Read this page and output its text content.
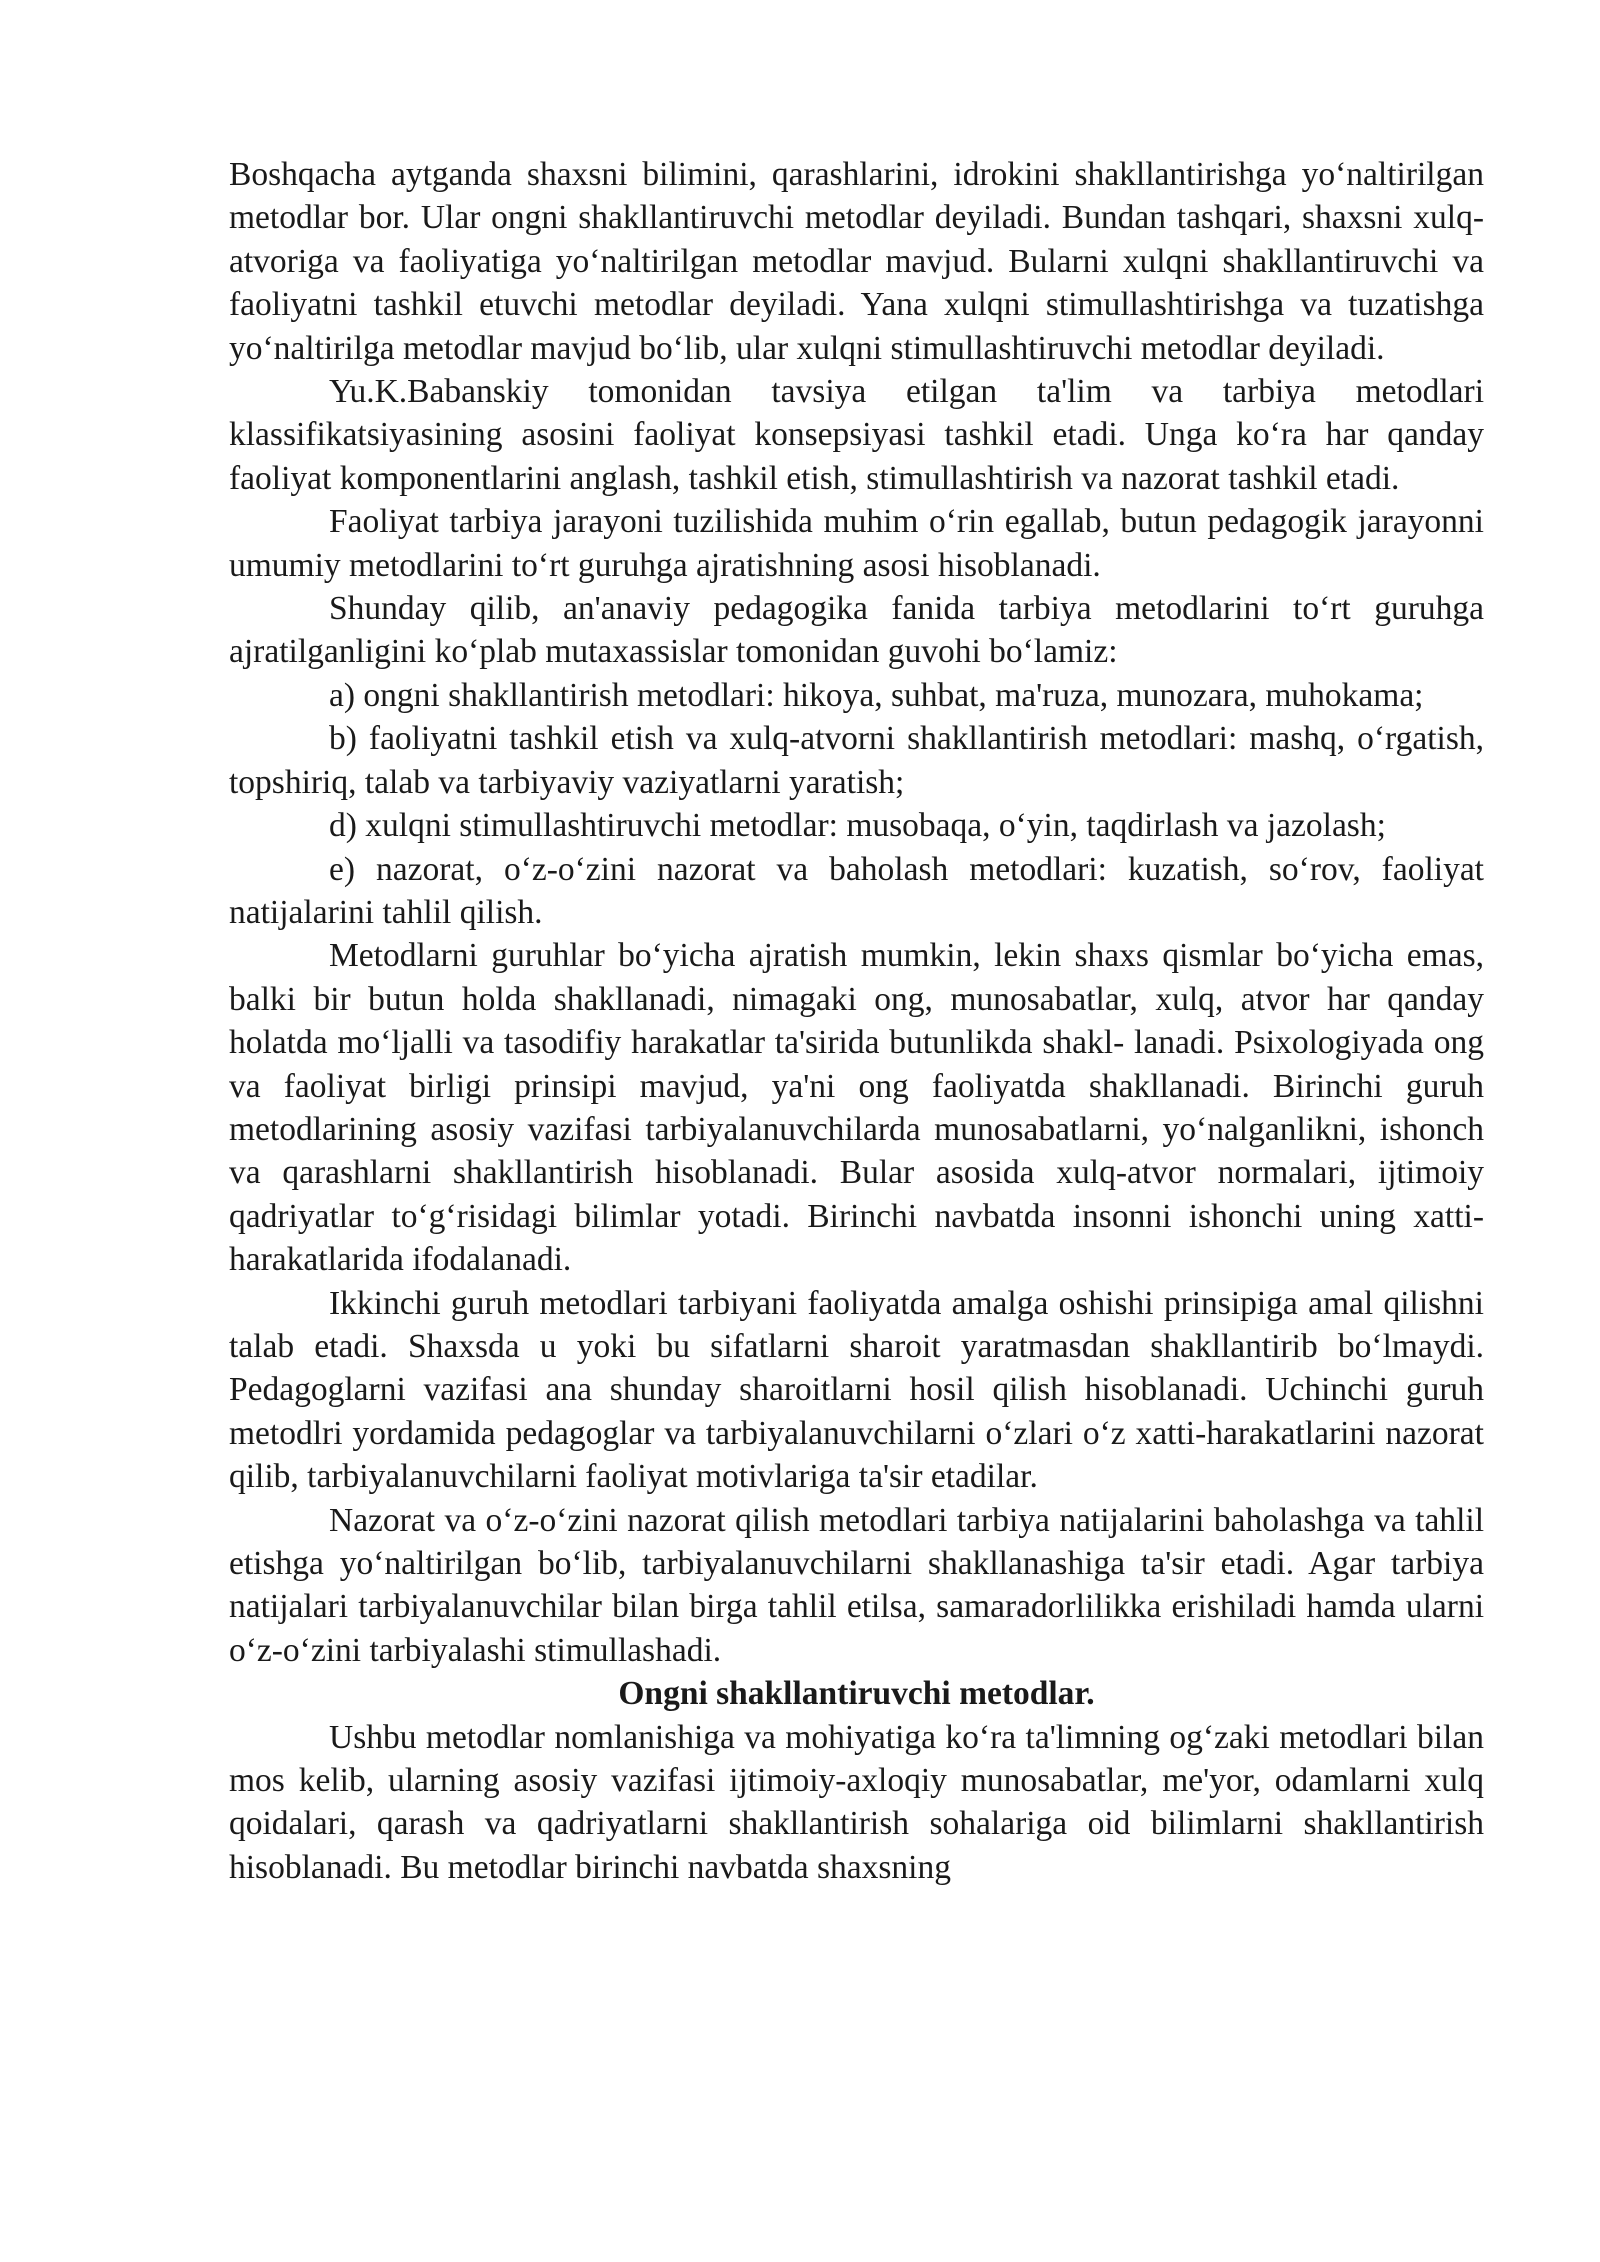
Boshqacha aytganda shaxsni bilimini, qarashlarini, idrokini shakllantirishga yo‘naltirilgan metodlar bor. Ular ongni shakllantiruvchi metodlar deyiladi. Bundan tashqari, shaxsni xulq-atvoriga va faoliyatiga yo‘naltirilgan metodlar mavjud. Bularni xulqni shakllantiruvchi va faoliyatni tashkil etuvchi metodlar deyiladi. Yana xulqni stimullashtirishga va tuzatishga yo‘naltirilga metodlar mavjud bo‘lib, ular xulqni stimullashtiruvchi metodlar deyiladi.

Yu.K.Babanskiy tomonidan tavsiya etilgan ta'lim va tarbiya metodlari klassifikatsiyasining asosini faoliyat konsepsiyasi tashkil etadi. Unga ko‘ra har qanday faoliyat komponentlarini anglash, tashkil etish, stimullashtirish va nazorat tashkil etadi.

Faoliyat tarbiya jarayoni tuzilishida muhim o‘rin egallab, butun pedagogik jarayonni umumiy metodlarini to‘rt guruhga ajratishning asosi hisoblanadi.

Shunday qilib, an'anaviy pedagogika fanida tarbiya metodlarini to‘rt guruhga ajratilganligini ko‘plab mutaxassislar tomonidan guvohi bo‘lamiz:

a) ongni shakllantirish metodlari: hikoya, suhbat, ma'ruza, munozara, muhokama;

b) faoliyatni tashkil etish va xulq-atvorni shakllantirish metodlari: mashq, o‘rgatish, topshiriq, talab va tarbiyaviy vaziyatlarni yaratish;

d) xulqni stimullashtiruvchi metodlar: musobaqa, o‘yin, taqdirlash va jazolash;

e) nazorat, o‘z-o‘zini nazorat va baholash metodlari: kuzatish, so‘rov, faoliyat natijalarini tahlil qilish.

Metodlarni guruhlar bo‘yicha ajratish mumkin, lekin shaxs qismlar bo‘yicha emas, balki bir butun holda shakllanadi, nimagaki ong, munosabatlar, xulq, atvor har qanday holatda mo‘ljalli va tasodifiy harakatlar ta'sirida butunlikda shakl- lanadi. Psixologiyada ong va faoliyat birligi prinsipi mavjud, ya'ni ong faoliyatda shakllanadi. Birinchi guruh metodlarining asosiy vazifasi tarbiyalanuvchilarda munosabatlarni, yo‘nalganlikni, ishonch va qarashlarni shakllantirish hisoblanadi. Bular asosida xulq-atvor normalari, ijtimoiy qadriyatlar to‘g‘risidagi bilimlar yotadi. Birinchi navbatda insonni ishonchi uning xatti-harakatlarida ifodalanadi.

Ikkinchi guruh metodlari tarbiyani faoliyatda amalga oshishi prinsipiga amal qilishni talab etadi. Shaxsda u yoki bu sifatlarni sharoit yaratmasdan shakllantirib bo‘lmaydi. Pedagoglarni vazifasi ana shunday sharoitlarni hosil qilish hisoblanadi. Uchinchi guruh metodlri yordamida pedagoglar va tarbiyalanuvchilarni o‘zlari o‘z xatti-harakatlarini nazorat qilib, tarbiyalanuvchilarni faoliyat motivlariga ta'sir etadilar.

Nazorat va o‘z-o‘zini nazorat qilish metodlari tarbiya natijalarini baholashga va tahlil etishga yo‘naltirilgan bo‘lib, tarbiyalanuvchilarni shakllanashiga ta'sir etadi. Agar tarbiya natijalari tarbiyalanuvchilar bilan birga tahlil etilsa, samaradorlilikka erishiladi hamda ularni o‘z-o‘zini tarbiyalashi stimullashadi.

Ongni shakllantiruvchi metodlar.

Ushbu metodlar nomlanishiga va mohiyatiga ko‘ra ta'limning og‘zaki metodlari bilan mos kelib, ularning asosiy vazifasi ijtimoiy-axloqiy munosabatlar, me'yor, odamlarni xulq qoidalari, qarash va qadriyatlarni shakllantirish sohalariga oid bilimlarni shakllantirish hisoblanadi. Bu metodlar birinchi navbatda shaxsning
